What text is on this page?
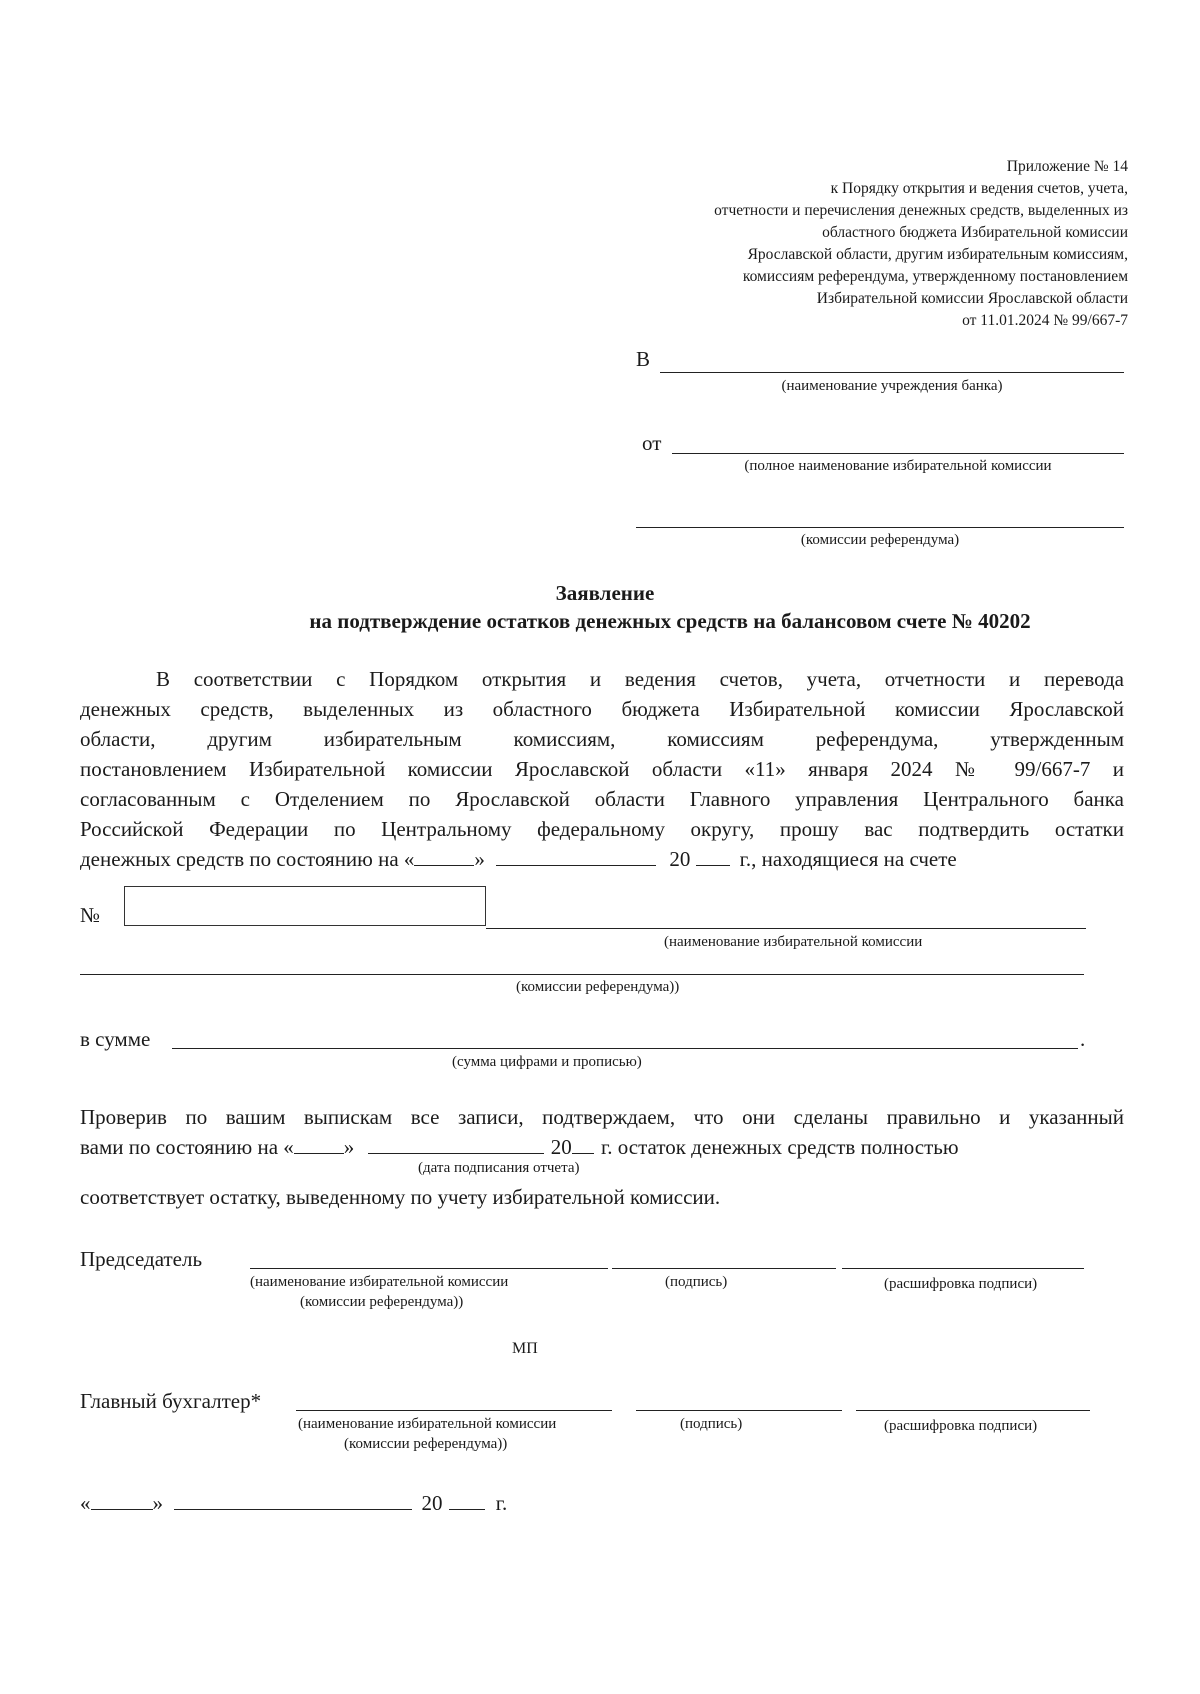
Приложение № 14
к Порядку открытия и ведения счетов, учета,
отчетности и перечисления денежных средств, выделенных из
областного бюджета Избирательной комиссии
Ярославской области, другим избирательным комиссиям,
комиссиям референдума, утвержденному постановлением
Избирательной комиссии Ярославской области
от 11.01.2024 № 99/667-7
В
(наименование учреждения банка)
от
(полное наименование избирательной комиссии
(комиссии референдума)
Заявление
на подтверждение остатков денежных средств на балансовом счете № 40202
В соответствии с Порядком открытия и ведения счетов, учета, отчетности и перевода
денежных средств, выделенных из областного бюджета Избирательной комиссии Ярославской
области, другим избирательным комиссиям, комиссиям референдума, утвержденным
постановлением Избирательной комиссии Ярославской области «11» января 2024 № 99/667-7 и
согласованным с Отделением по Ярославской области Главного управления Центрального банка
Российской Федерации по Центральному федеральному округу, прошу вас подтвердить остатки
денежных средств по состоянию на «	»	20 г., находящиеся на счете
№
(наименование избирательной комиссии
(комиссии референдума))
в сумме	.
(сумма цифрами и прописью)
Проверив по вашим выпискам все записи, подтверждаем, что они сделаны правильно и указанный
вами по состоянию на « »	20 г. остаток денежных средств полностью
(дата подписания отчета)
соответствует остатку, выведенному по учету избирательной комиссии.
Председатель
(наименование избирательной комиссии
(комиссии референдума))
(подпись)	(расшифровка подписи)
МП
Главный бухгалтер*
(наименование избирательной комиссии
(комиссии референдума))
(подпись)	(расшифровка подписи)
«	»	20	г.
